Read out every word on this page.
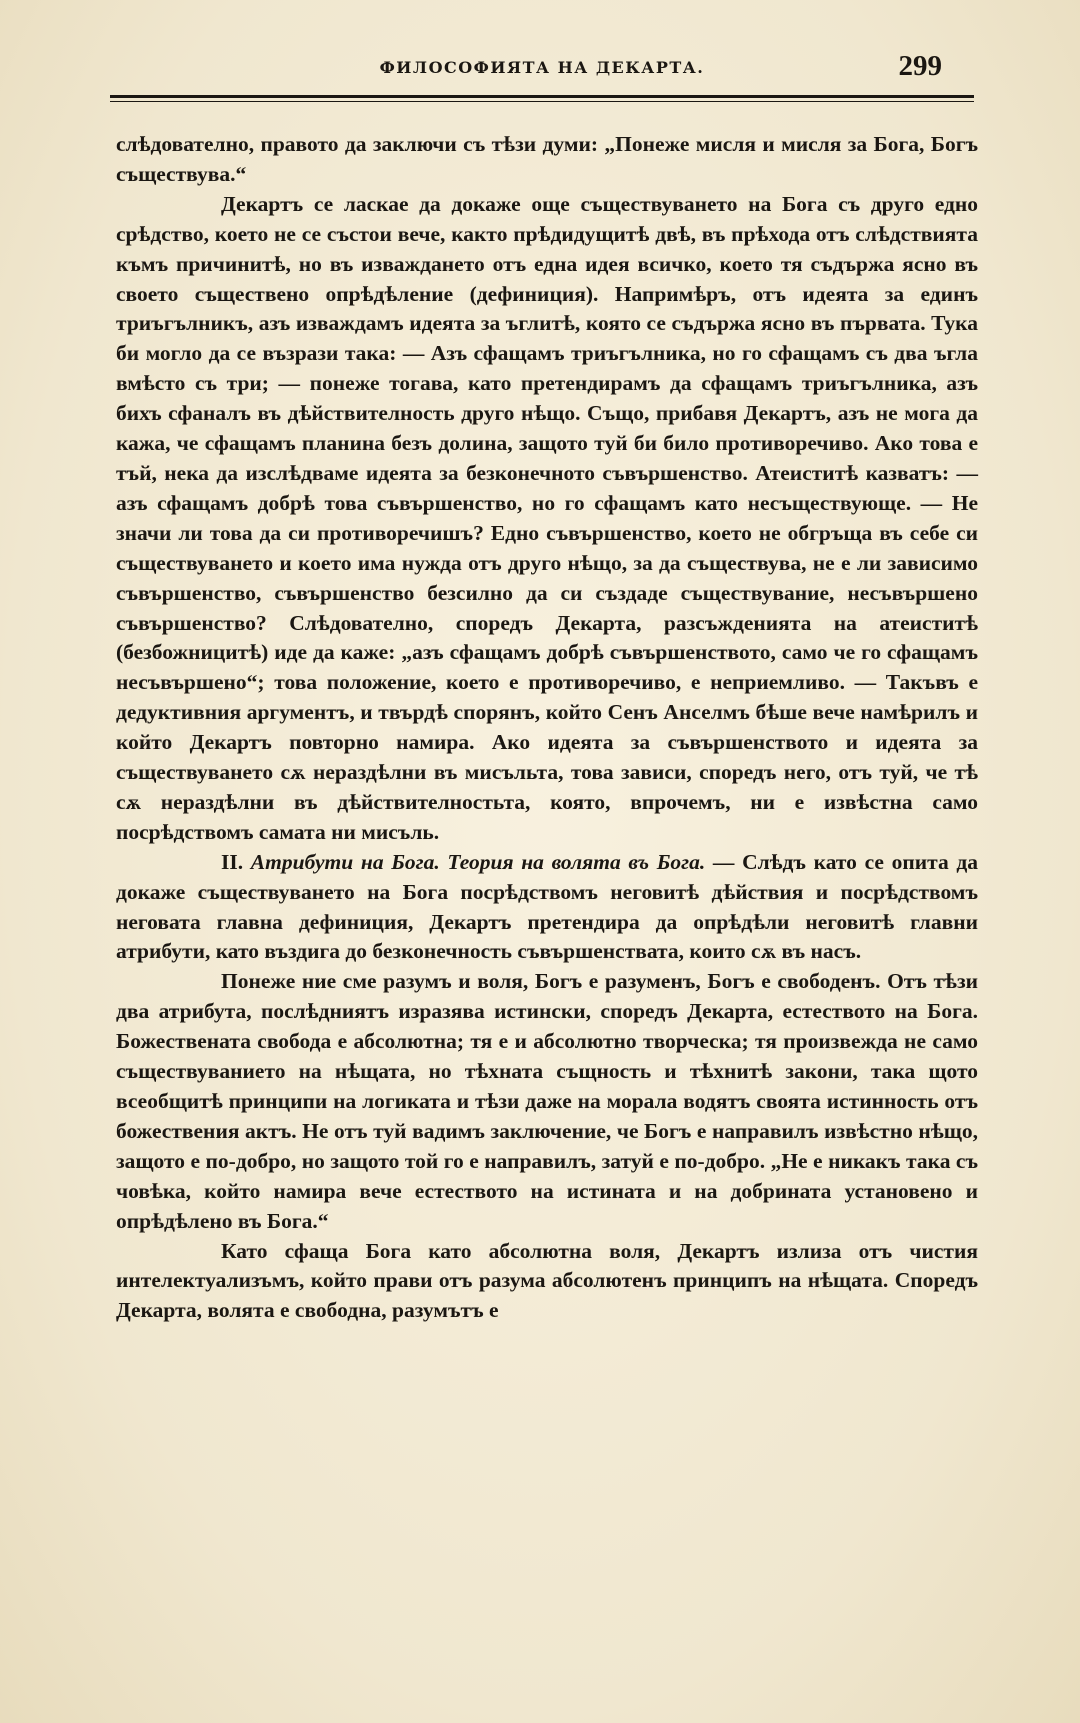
ФИЛОСОФИЯТА НА ДЕКАРТА.	299

слѣдователно, правото да заключи съ тѣзи думи: „Понеже мисля и мисля за Бога, Богъ съществува.“

Декартъ се ласкае да докаже още съществуването на Бога съ друго едно срѣдство, което не се състои вече, както прѣдидущитѣ двѣ, въ прѣхода отъ слѣдствията къмъ причинитѣ, но въ изваждането отъ една идея всичко, което тя съдържа ясно въ своето съществено опрѣдѣление (дефиниция). Напримѣръ, отъ идеята за единъ триъгълникъ, азъ изваждамъ идеята за ъглитѣ, която се съдържа ясно въ първата. Тука би могло да се възрази така: — Азъ сфащамъ триъгълника, но го сфащамъ съ два ъгла вмѣсто съ три; — понеже тогава, като претендирамъ да сфащамъ триъгълника, азъ бихъ сфаналъ въ дѣйствителность друго нѣщо. Също, прибавя Декартъ, азъ не мога да кажа, че сфащамъ планина безъ долина, защото туй би било противоречиво. Ако това е тъй, нека да изслѣдваме идеята за безконечното съвършенство. Атеиститѣ казватъ: — азъ сфащамъ добрѣ това съвършенство, но го сфащамъ като несъществующе. — Не значи ли това да си противоречишъ? Едно съвършенство, което не обгръща въ себе си съществуването и което има нужда отъ друго нѣщо, за да съществува, не е ли зависимо съвършенство, съвършенство безсилно да си създаде съществувание, несъвършено съвършенство? Слѣдователно, споредъ Декарта, разсъжденията на атеиститѣ (безбожницитѣ) иде да каже: „азъ сфащамъ добрѣ съвършенството, само че го сфащамъ несъвършено“; това положение, което е противоречиво, е неприемливо. — Такъвъ е дедуктивния аргументъ, и твърдѣ спорянъ, който Сенъ Анселмъ бѣше вече намѣрилъ и който Декартъ повторно намира. Ако идеята за съвършенството и идеята за съществуването сѫ нераздѣлни въ мисъльта, това зависи, споредъ него, отъ туй, че тѣ сѫ нераздѣлни въ дѣйствителностьта, която, впрочемъ, ни е извѣстна само посрѣдствомъ самата ни мисъль.

II. Атрибути на Бога. Теория на волята въ Бога. — Слѣдъ като се опита да докаже съществуването на Бога посрѣдствомъ неговитѣ дѣйствия и посрѣдствомъ неговата главна дефиниция, Декартъ претендира да опрѣдѣли неговитѣ главни атрибути, като въздига до безконечность съвършенствата, които сѫ въ насъ.

Понеже ние сме разумъ и воля, Богъ е разуменъ, Богъ е свободенъ. Отъ тѣзи два атрибута, послѣдниятъ изразява истински, споредъ Декарта, естеството на Бога. Божествената свобода е абсолютна; тя е и абсолютно творческа; тя произвежда не само съществуванието на нѣщата, но тѣхната същность и тѣхнитѣ закони, така щото всеобщитѣ принципи на логиката и тѣзи даже на морала водятъ своята истинность отъ божествения актъ. Не отъ туй вадимъ заключение, че Богъ е направилъ извѣстно нѣщо, защото е по-добро, но защото той го е направилъ, затуй е по-добро. „Не е никакъ така съ човѣка, който намира вече естеството на истината и на добрината установено и опрѣдѣлено въ Бога.“

Като сфаща Бога като абсолютна воля, Декартъ излиза отъ чистия интелектуализъмъ, който прави отъ разума абсолютенъ принципъ на нѣщата. Споредъ Декарта, волята е свободна, разумътъ е
